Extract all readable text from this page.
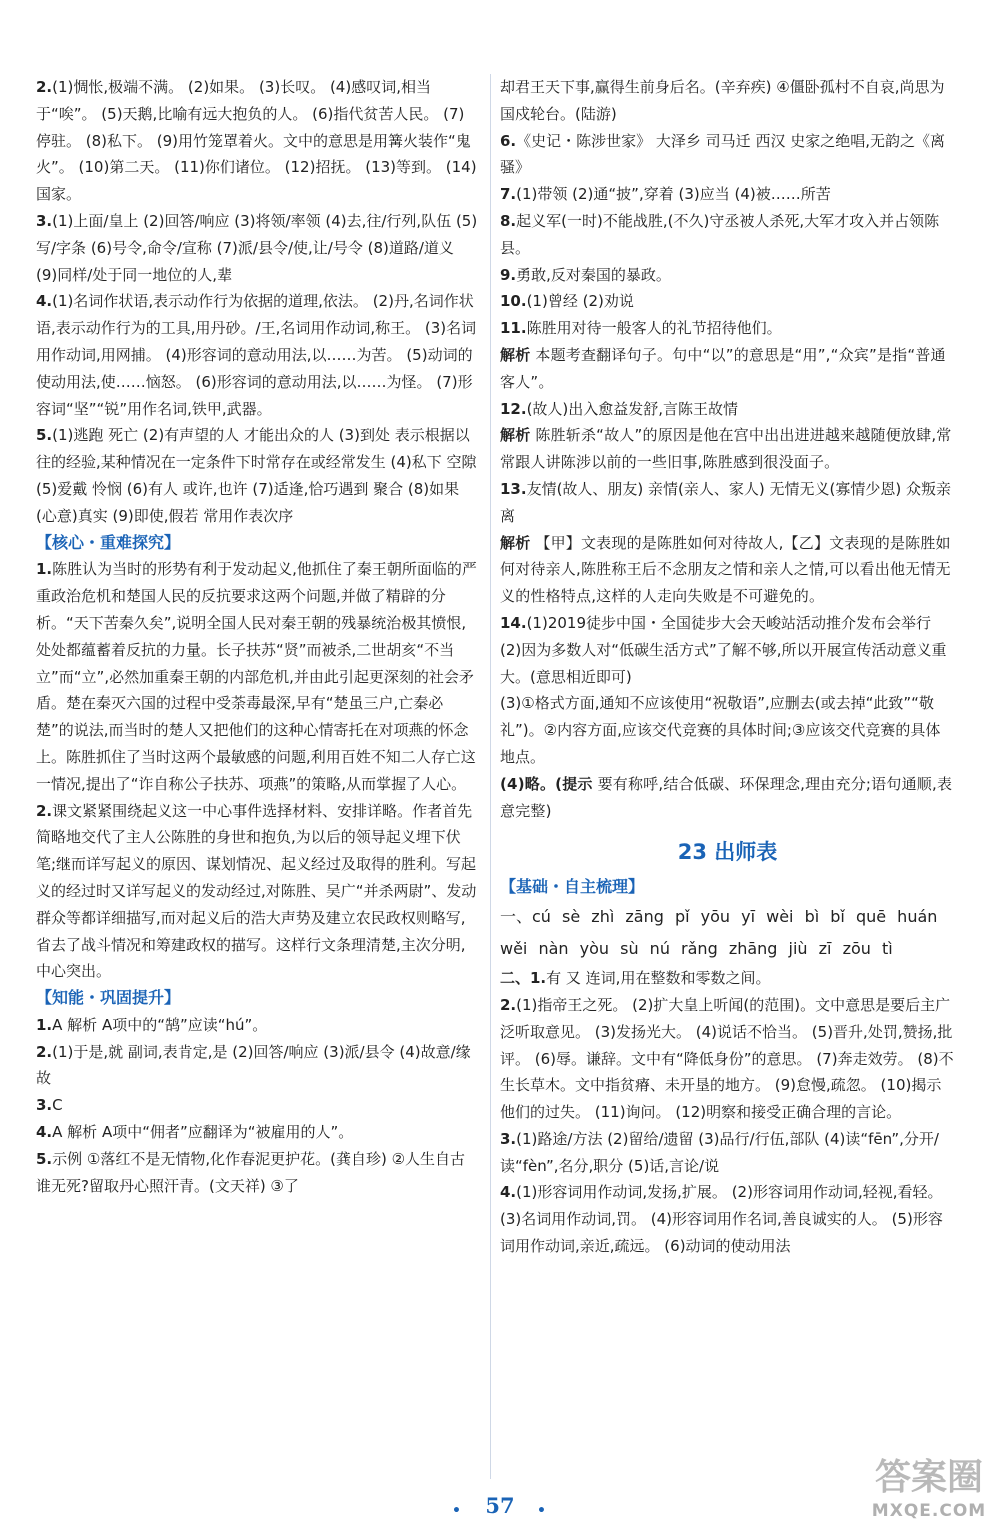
2.(1)惆怅,极端不满。 (2)如果。 (3)长叹。 (4)感叹词,相当于“唉”。 (5)天鹅,比喻有远大抱负的人。 (6)指代贫苦人民。 (7)停驻。 (8)私下。 (9)用竹笼罩着火。文中的意思是用篝火装作“鬼火”。 (10)第二天。 (11)你们诸位。 (12)招抚。 (13)等到。 (14)国家。
3.(1)上面/皇上 (2)回答/响应 (3)将领/率领 (4)去,往/行列,队伍 (5)写/字条 (6)号令,命令/宣称 (7)派/县令/使,让/号令 (8)道路/道义 (9)同样/处于同一地位的人,辈
4.(1)名词作状语,表示动作行为依据的道理,依法。 (2)丹,名词作状语,表示动作行为的工具,用丹砂。/王,名词用作动词,称王。 (3)名词用作动词,用网捕。 (4)形容词的意动用法,以……为苦。 (5)动词的使动用法,使……恼怒。 (6)形容词的意动用法,以……为怪。 (7)形容词“坚”“锐”用作名词,铁甲,武器。
5.(1)逃跑 死亡 (2)有声望的人 才能出众的人 (3)到处 表示根据以往的经验,某种情况在一定条件下时常存在或经常发生 (4)私下 空隙 (5)爱戴 怜悯 (6)有人 或许,也许 (7)适逢,恰巧遇到 聚合 (8)如果 (心意)真实 (9)即使,假若 常用作表次序
【核心・重难探究】
1.陈胜认为当时的形势有利于发动起义,他抓住了秦王朝所面临的严重政治危机和楚国人民的反抗要求这两个问题,并做了精辟的分析。“天下苦秦久矣”,说明全国人民对秦王朝的残暴统治极其愤恨,处处都蕴蓄着反抗的力量。长子扶苏“贤”而被杀,二世胡亥“不当立”而“立”,必然加重秦王朝的内部危机,并由此引起更深刻的社会矛盾。楚在秦灭六国的过程中受荼毒最深,早有“楚虽三户,亡秦必楚”的说法,而当时的楚人又把他们的这种心情寄托在对项燕的怀念上。陈胜抓住了当时这两个最敏感的问题,利用百姓不知二人存亡这一情况,提出了“诈自称公子扶苏、项燕”的策略,从而掌握了人心。
2.课文紧紧围绕起义这一中心事件选择材料、安排详略。作者首先简略地交代了主人公陈胜的身世和抱负,为以后的领导起义埋下伏笔;继而详写起义的原因、谋划情况、起义经过及取得的胜利。写起义的经过时又详写起义的发动经过,对陈胜、吴广“并杀两尉”、发动群众等都详细描写,而对起义后的浩大声势及建立农民政权则略写,省去了战斗情况和筹建政权的描写。这样行文条理清楚,主次分明,中心突出。
【知能・巩固提升】
1.A 解析 A项中的“鹄”应读“hú”。
2.(1)于是,就 副词,表肯定,是 (2)回答/响应 (3)派/县令 (4)故意/缘故
3.C
4.A 解析 A项中“佣者”应翻译为“被雇用的人”。
5.示例 ①落红不是无情物,化作春泥更护花。(龚自珍) ②人生自古谁无死?留取丹心照汗青。(文天祥) ③了
却君王天下事,赢得生前身后名。(辛弃疾) ④僵卧孤村不自哀,尚思为国戍轮台。(陆游)
6.《史记・陈涉世家》 大泽乡 司马迁 西汉 史家之绝唱,无韵之《离骚》
7.(1)带领 (2)通“披”,穿着 (3)应当 (4)被……所苦
8.起义军(一时)不能战胜,(不久)守丞被人杀死,大军才攻入并占领陈县。
9.勇敢,反对秦国的暴政。
10.(1)曾经 (2)劝说
11.陈胜用对待一般客人的礼节招待他们。
解析 本题考查翻译句子。句中“以”的意思是“用”,“众宾”是指“普通客人”。
12.(故人)出入愈益发舒,言陈王故情
解析 陈胜斩杀“故人”的原因是他在宫中出出进进越来越随便放肆,常常跟人讲陈涉以前的一些旧事,陈胜感到很没面子。
13.友情(故人、朋友) 亲情(亲人、家人) 无情无义(寡情少恩) 众叛亲离
解析 【甲】文表现的是陈胜如何对待故人,【乙】文表现的是陈胜如何对待亲人,陈胜称王后不念朋友之情和亲人之情,可以看出他无情无义的性格特点,这样的人走向失败是不可避免的。
14.(1)2019徒步中国・全国徒步大会天峻站活动推介发布会举行
(2)因为多数人对“低碳生活方式”了解不够,所以开展宣传活动意义重大。(意思相近即可)
(3)①格式方面,通知不应该使用“祝敬语”,应删去(或去掉“此致”“敬礼”)。②内容方面,应该交代竞赛的具体时间;③应该交代竞赛的具体地点。
(4)略。(提示 要有称呼,结合低碳、环保理念,理由充分;语句通顺,表意完整)
23 出师表
【基础・自主梳理】
一、cú sè zhì zāng pǐ yōu yī wèi bì bǐ quē huán wěi nàn yòu sù nú rǎng zhāng jiù zī zōu tì
二、1.有 又 连词,用在整数和零数之间。
2.(1)指帝王之死。 (2)扩大皇上听闻(的范围)。文中意思是要后主广泛听取意见。 (3)发扬光大。 (4)说话不恰当。 (5)晋升,处罚,赞扬,批评。 (6)辱。谦辞。文中有“降低身份”的意思。 (7)奔走效劳。 (8)不生长草木。文中指贫瘠、未开垦的地方。 (9)怠慢,疏忽。 (10)揭示他们的过失。 (11)询问。 (12)明察和接受正确合理的言论。
3.(1)路途/方法 (2)留给/遗留 (3)品行/行伍,部队 (4)读“fēn”,分开/读“fèn”,名分,职分 (5)话,言论/说
4.(1)形容词用作动词,发扬,扩展。 (2)形容词用作动词,轻视,看轻。 (3)名词用作动词,罚。 (4)形容词用作名词,善良诚实的人。 (5)形容词用作动词,亲近,疏远。 (6)动词的使动用法
• 57	•
答案圈
MXQE.COM
